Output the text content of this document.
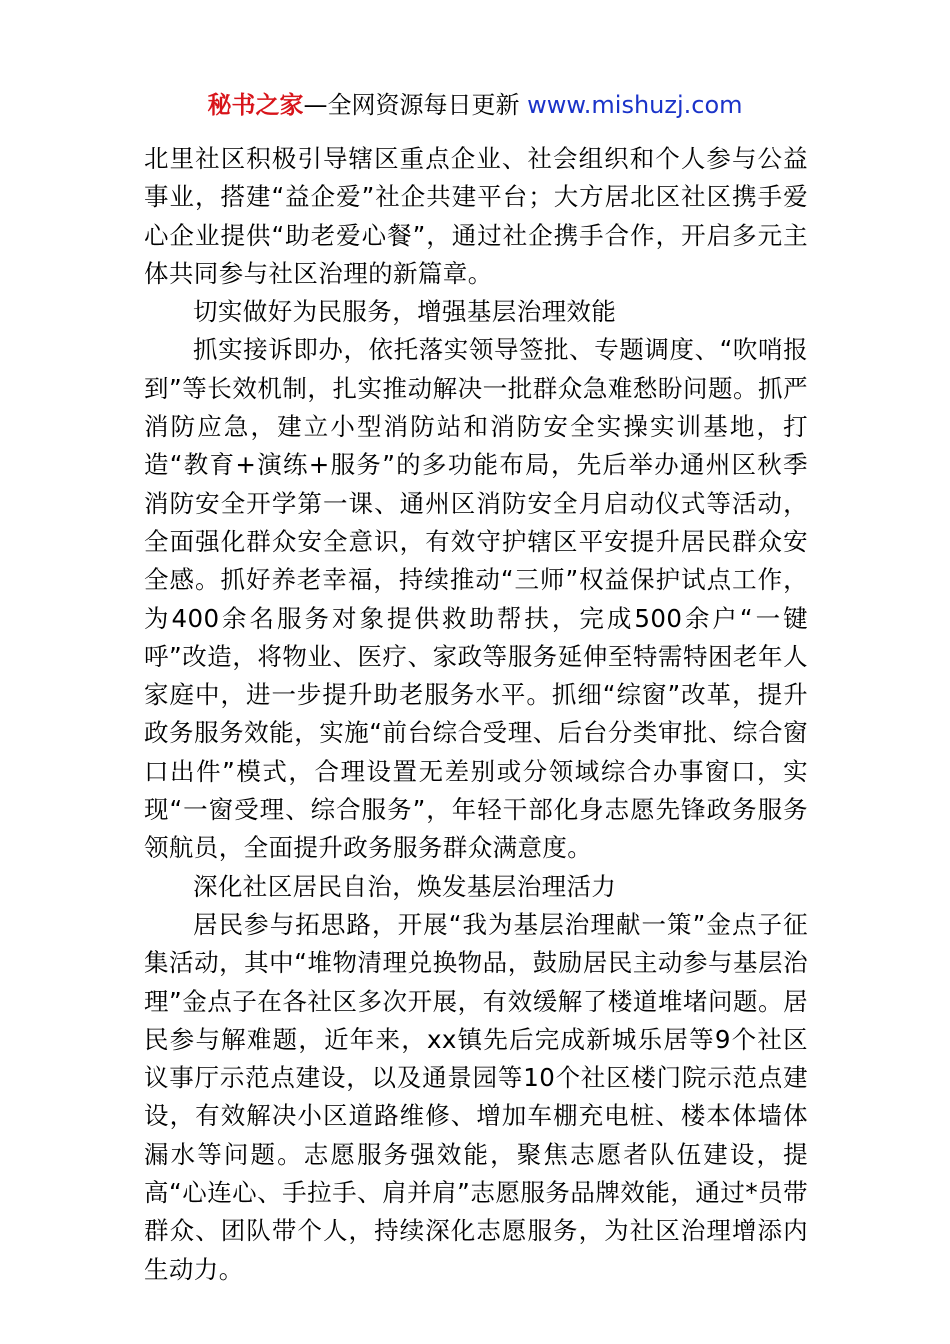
秘书之家—全网资源每日更新 www.mishuzj.com

北里社区积极引导辖区重点企业、社会组织和个人参与公益事业，搭建“益企爱”社企共建平台；大方居北区社区携手爱心企业提供“助老爱心餐”，通过社企携手合作，开启多元主体共同参与社区治理的新篇章。

切实做好为民服务，增强基层治理效能

抓实接诉即办，依托落实领导签批、专题调度、“吹哨报到”等长效机制，扎实推动解决一批群众急难愁盼问题。抓严消防应急，建立小型消防站和消防安全实操实训基地，打造“教育+演练+服务”的多功能布局，先后举办通州区秋季消防安全开学第一课、通州区消防安全月启动仪式等活动，全面强化群众安全意识，有效守护辖区平安提升居民群众安全感。抓好养老幸福，持续推动“三师”权益保护试点工作，为400余名服务对象提供救助帮扶，完成500余户“一键呼”改造，将物业、医疗、家政等服务延伸至特需特困老年人家庭中，进一步提升助老服务水平。抓细“综窗”改革，提升政务服务效能，实施“前台综合受理、后台分类审批、综合窗口出件”模式，合理设置无差别或分领域综合办事窗口，实现“一窗受理、综合服务”，年轻干部化身志愿先锋政务服务领航员，全面提升政务服务群众满意度。

深化社区居民自治，焕发基层治理活力

居民参与拓思路，开展“我为基层治理献一策”金点子征集活动，其中“堆物清理兑换物品，鼓励居民主动参与基层治理”金点子在各社区多次开展，有效缓解了楼道堆堵问题。居民参与解难题，近年来，xx镇先后完成新城乐居等9个社区议事厅示范点建设，以及通景园等10个社区楼门院示范点建设，有效解决小区道路维修、增加车棚充电桩、楼本体墙体漏水等问题。志愿服务强效能，聚焦志愿者队伍建设，提高“心连心、手拉手、肩并肩”志愿服务品牌效能，通过*员带群众、团队带个人，持续深化志愿服务，为社区治理增添内生动力。
